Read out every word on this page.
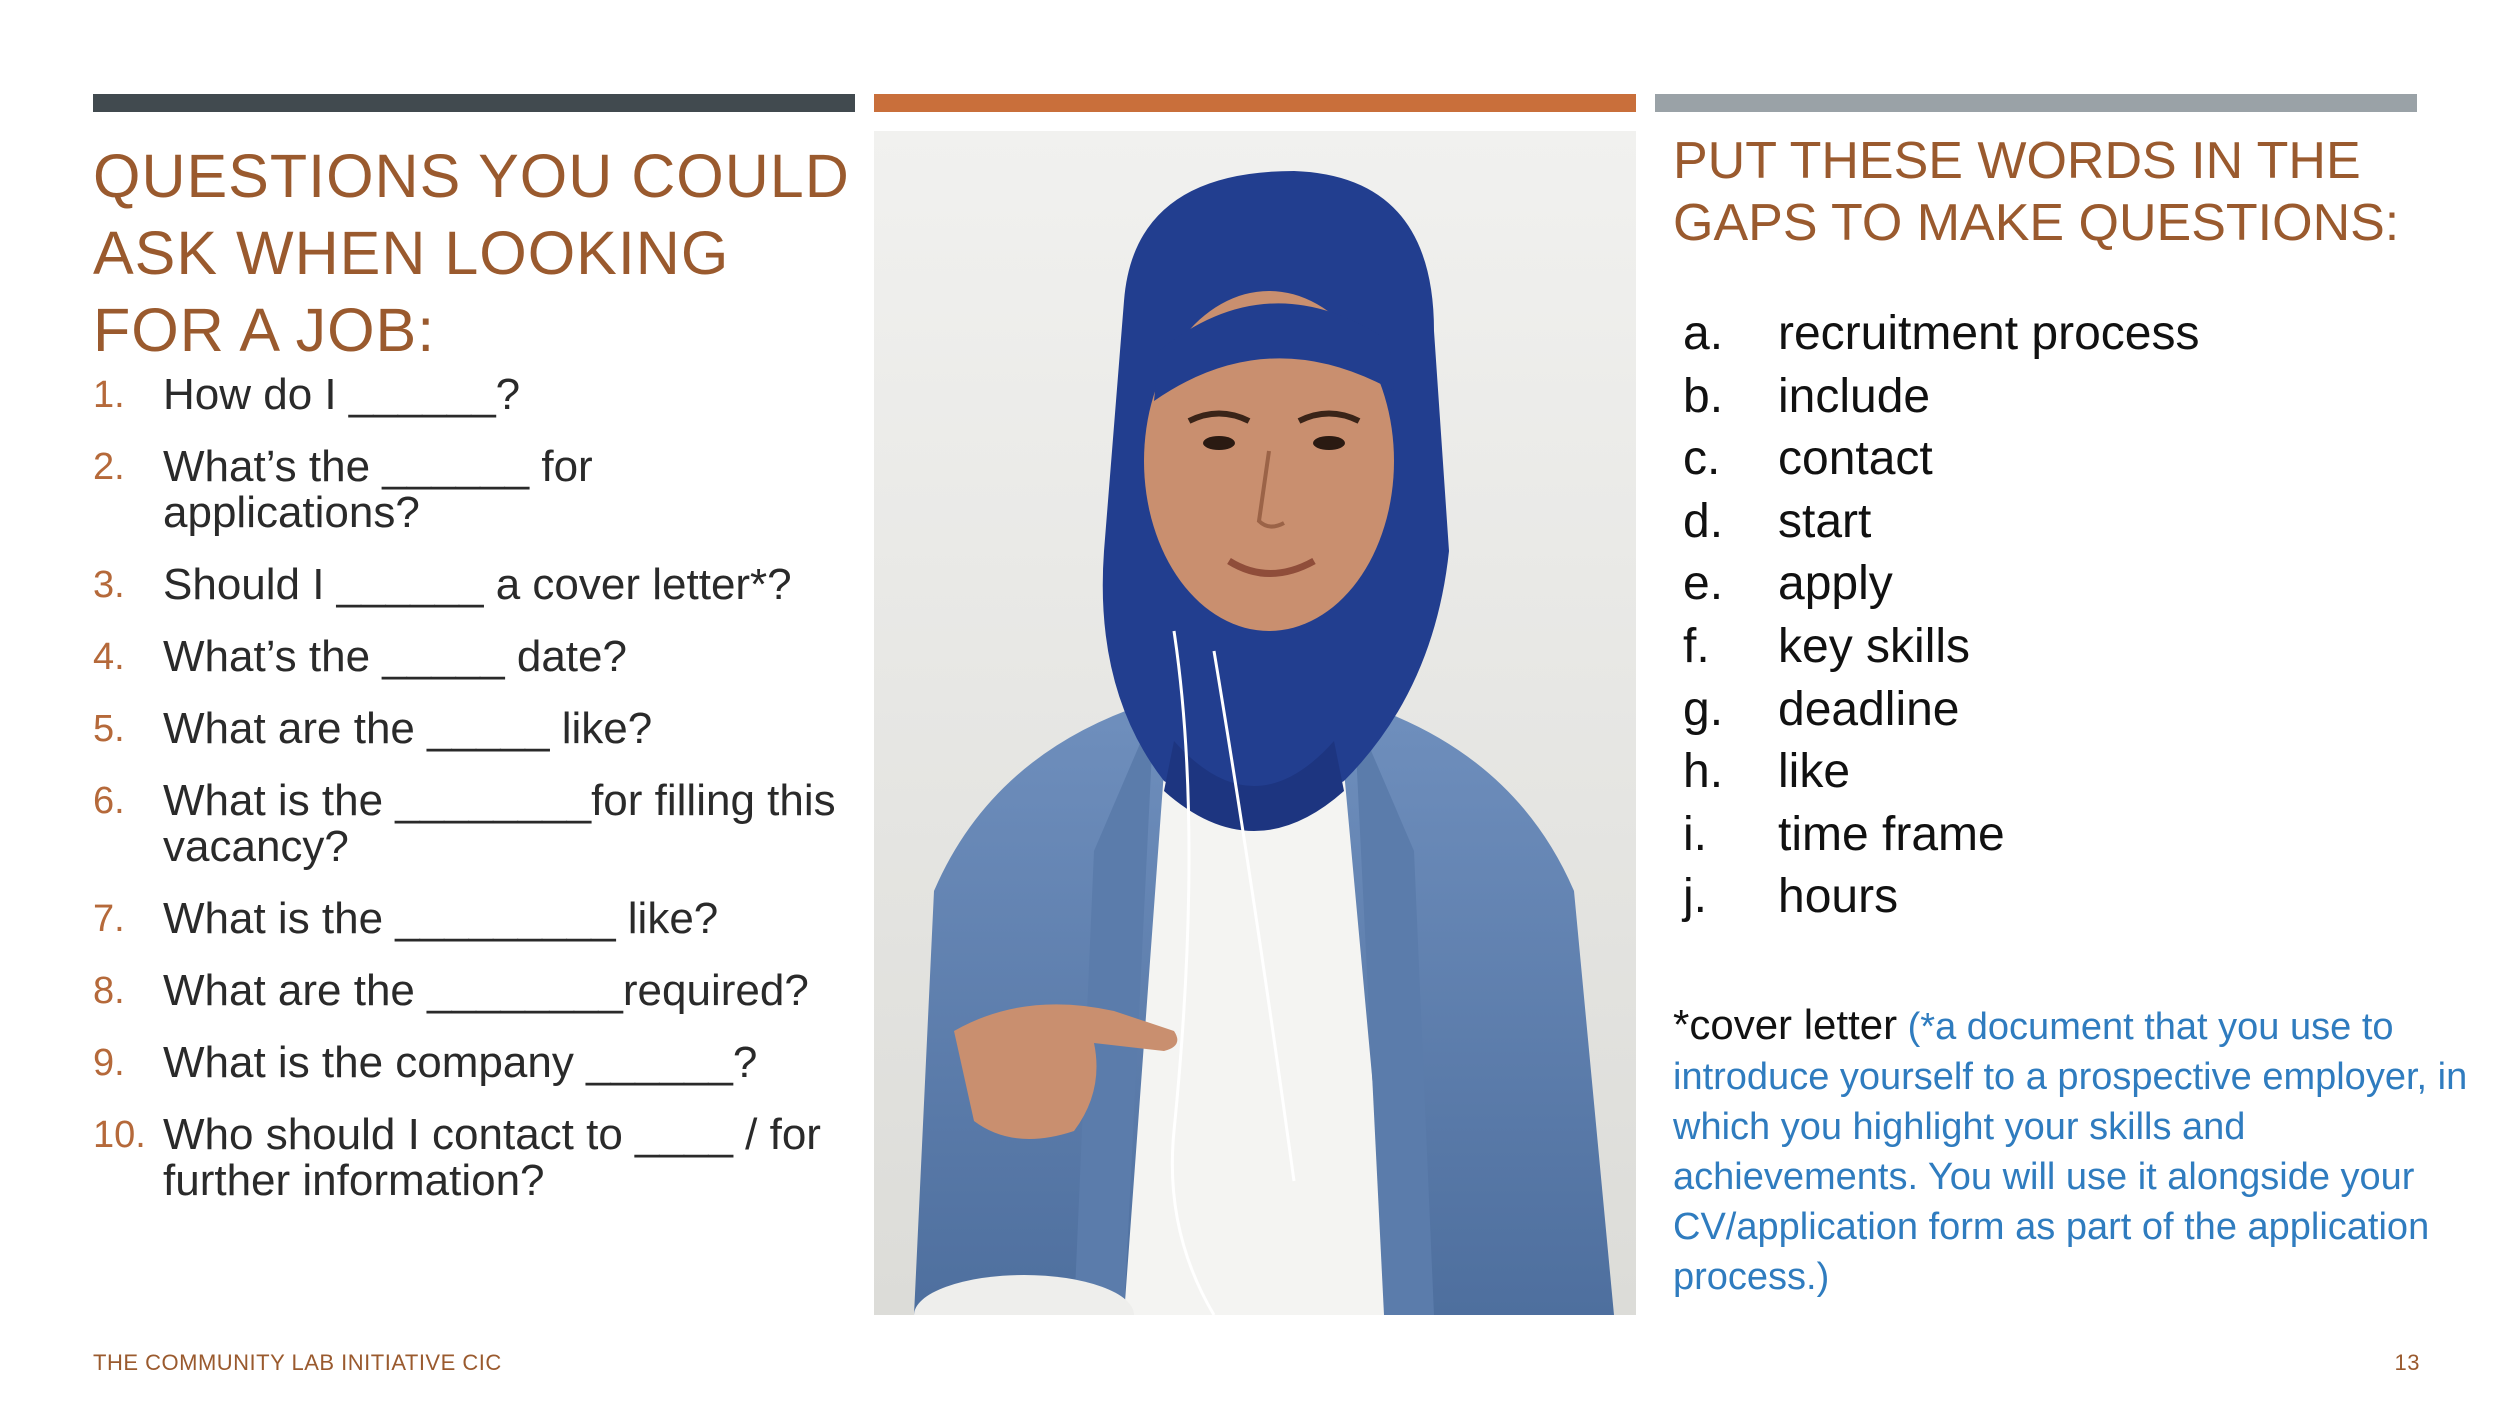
QUESTIONS YOU COULD ASK WHEN LOOKING FOR A JOB:
1. How do I ______?
2. What’s the ______ for applications?
3. Should I ______ a cover letter*?
4. What’s the _____ date?
5. What are the _____ like?
6. What is the ________for filling this vacancy?
7. What is the _________ like?
8. What are the ________required?
9. What is the company ______?
10. Who should I contact to ____ / for further information?
PUT THESE WORDS IN THE GAPS TO MAKE QUESTIONS:
a. recruitment process
b. include
c. contact
d. start
e. apply
f. key skills
g. deadline
h. like
i. time frame
j. hours
*cover letter (*a document that you use to introduce yourself to a prospective employer, in which you highlight your skills and achievements. You will use it alongside your CV/application form as part of the application process.)
THE COMMUNITY LAB INITIATIVE CIC	13
